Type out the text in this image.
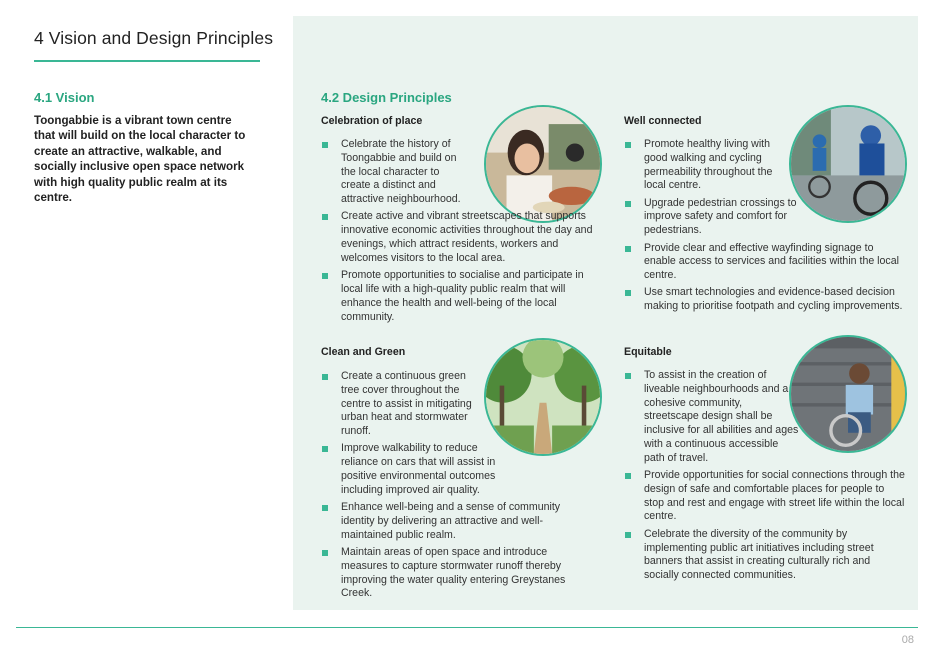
4 Vision and Design Principles
4.1 Vision
Toongabbie is a vibrant town centre that will build on the local character to create an attractive, walkable, and socially inclusive open space network with high quality public realm at its centre.
4.2 Design Principles
Celebration of place
Celebrate the history of Toongabbie and build on the local character to create a distinct and attractive neighbourhood.
Create active and vibrant streetscapes that supports innovative economic activities throughout the day and evenings, which attract residents, workers and welcomes visitors to the local area.
Promote opportunities to socialise and participate in local life with a high-quality public realm that will enhance the health and well-being of the local community.
Clean and Green
Create a continuous green tree cover throughout the centre to assist in mitigating urban heat and stormwater runoff.
Improve walkability to reduce reliance on cars that will assist in positive environmental outcomes including improved air quality.
Enhance well-being and a sense of community identity by delivering an attractive and well-maintained public realm.
Maintain areas of open space and introduce measures to capture stormwater runoff thereby improving the water quality entering Greystanes Creek.
Well connected
Promote healthy living with good walking and cycling permeability throughout the local centre.
Upgrade pedestrian crossings to improve safety and comfort for pedestrians.
Provide clear and effective wayfinding signage to enable access to services and facilities within the local centre.
Use smart technologies and evidence-based decision making to prioritise footpath and cycling improvements.
Equitable
To assist in the creation of liveable neighbourhoods and a cohesive community, streetscape design shall be inclusive for all abilities and ages with a continuous accessible path of travel.
Provide opportunities for social connections through the design of safe and comfortable places for people to stop and rest and engage with street life within the local centre.
Celebrate the diversity of the community by implementing public art initiatives including street banners that assist in creating culturally rich and socially connected communities.
08
